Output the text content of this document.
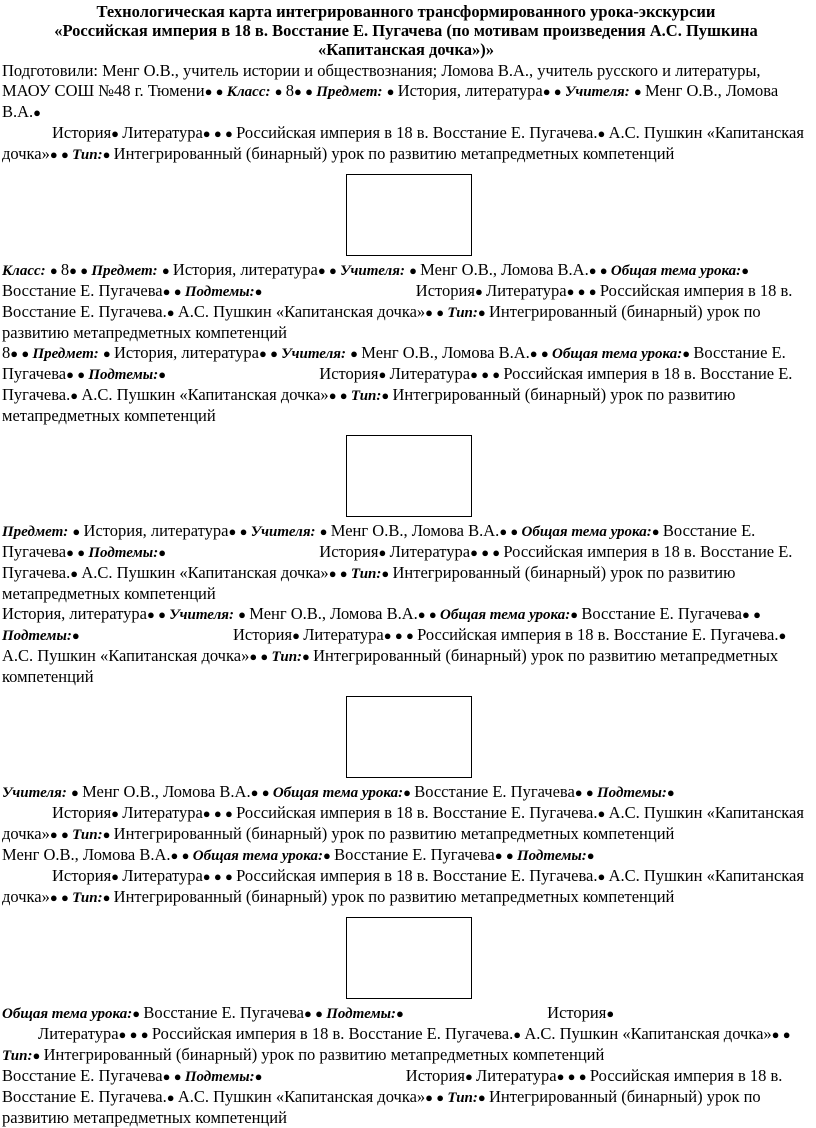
Технологическая карта интегрированного трансформированного урока-экскурсии
«Российская империя в 18 в. Восстание Е. Пугачева (по мотивам произведения А.С. Пушкина
«Капитанская дочка»)»
Подготовили: Менг О.В., учитель истории и обществознания; Ломова В.А., учитель русского и литературы, МАОУ СОШ №48 г. Тюмени● ● Класс: ● 8● ● Предмет: ● История, литература● ● Учителя: ● Менг О.В., Ломова В.А.●
История● Литература● ● ● Российская империя в 18 в. Восстание Е. Пугачева.● А.С. Пушкин «Капитанская дочка»● ● Тип:● Интегрированный (бинарный) урок по развитию метапредметных компетенций
Класс: ● 8● ● Предмет: ● История, литература● ● Учителя: ● Менг О.В., Ломова В.А.● ● Общая тема урока:● Восстание Е. Пугачева● ● Подтемы:●	История● Литература● ● ● Российская империя в 18 в. Восстание Е. Пугачева.● А.С. Пушкин «Капитанская дочка»● ● Тип:● Интегрированный (бинарный) урок по развитию метапредметных компетенций
8● ● Предмет: ● История, литература● ● Учителя: ● Менг О.В., Ломова В.А.● ● Общая тема урока:● Восстание Е. Пугачева● ● Подтемы:●	История● Литература● ● ● Российская империя в 18 в. Восстание Е. Пугачева.● А.С. Пушкин «Капитанская дочка»● ● Тип:● Интегрированный (бинарный) урок по развитию метапредметных компетенций
Предмет: ● История, литература● ● Учителя: ● Менг О.В., Ломова В.А.● ● Общая тема урока:● Восстание Е. Пугачева● ● Подтемы:●	История● Литература● ● ● Российская империя в 18 в. Восстание Е. Пугачева.● А.С. Пушкин «Капитанская дочка»● ● Тип:● Интегрированный (бинарный) урок по развитию метапредметных компетенций
История, литература● ● Учителя: ● Менг О.В., Ломова В.А.● ● Общая тема урока:● Восстание Е. Пугачева● ● Подтемы:●	История● Литература● ● ● Российская империя в 18 в. Восстание Е. Пугачева.● А.С. Пушкин «Капитанская дочка»● ● Тип:● Интегрированный (бинарный) урок по развитию метапредметных компетенций
Учителя: ● Менг О.В., Ломова В.А.● ● Общая тема урока:● Восстание Е. Пугачева● ● Подтемы:●
История● Литература● ● ● Российская империя в 18 в. Восстание Е. Пугачева.● А.С. Пушкин «Капитанская дочка»● ● Тип:● Интегрированный (бинарный) урок по развитию метапредметных компетенций
Менг О.В., Ломова В.А.● ● Общая тема урока:● Восстание Е. Пугачева● ● Подтемы:●
История● Литература● ● ● Российская империя в 18 в. Восстание Е. Пугачева.● А.С. Пушкин «Капитанская дочка»● ● Тип:● Интегрированный (бинарный) урок по развитию метапредметных компетенций
Общая тема урока:● Восстание Е. Пугачева● ● Подтемы:●	История●
Литература● ● ● Российская империя в 18 в. Восстание Е. Пугачева.● А.С. Пушкин «Капитанская дочка»● ● Тип:● Интегрированный (бинарный) урок по развитию метапредметных компетенций
Восстание Е. Пугачева● ● Подтемы:●	История● Литература● ● ● Российская империя в 18 в. Восстание Е. Пугачева.● А.С. Пушкин «Капитанская дочка»● ● Тип:● Интегрированный (бинарный) урок по развитию метапредметных компетенций
